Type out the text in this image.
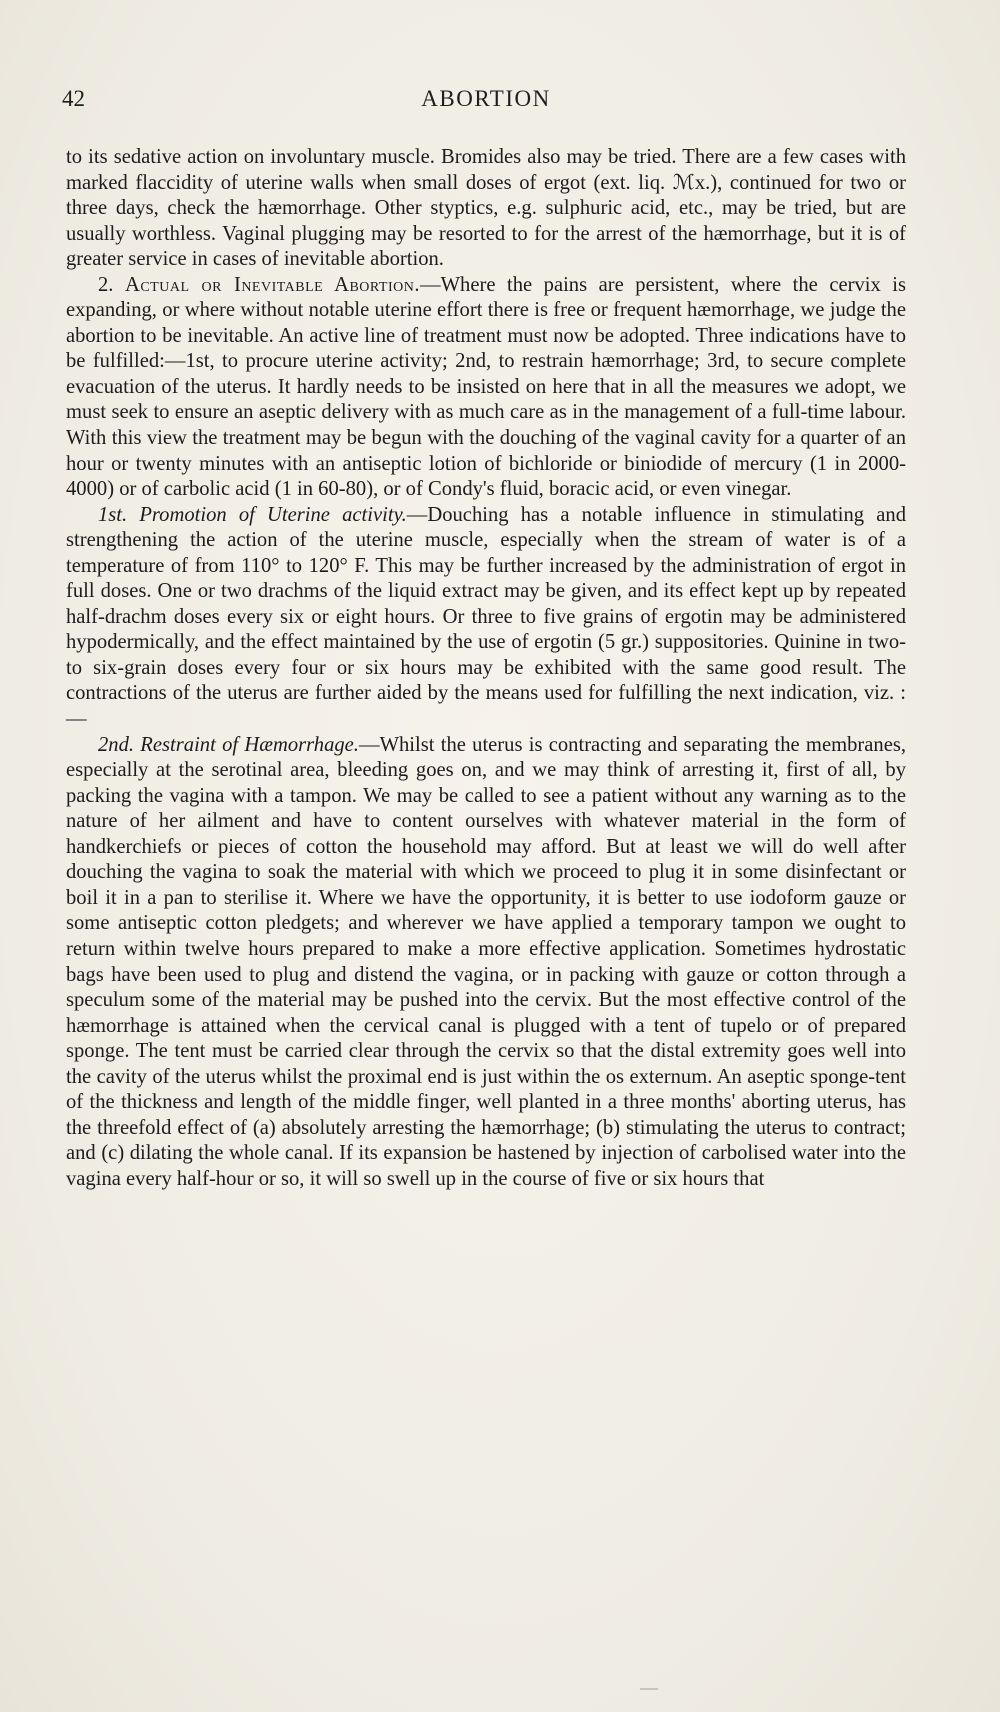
42	ABORTION

to its sedative action on involuntary muscle. Bromides also may be tried. There are a few cases with marked flaccidity of uterine walls when small doses of ergot (ext. liq. ℳx.), continued for two or three days, check the hæmorrhage. Other styptics, e.g. sulphuric acid, etc., may be tried, but are usually worthless. Vaginal plugging may be resorted to for the arrest of the hæmorrhage, but it is of greater service in cases of inevitable abortion.

2. Actual or Inevitable Abortion.—Where the pains are persistent, where the cervix is expanding, or where without notable uterine effort there is free or frequent hæmorrhage, we judge the abortion to be inevitable. An active line of treatment must now be adopted. Three indications have to be fulfilled:—1st, to procure uterine activity; 2nd, to restrain hæmorrhage; 3rd, to secure complete evacuation of the uterus. It hardly needs to be insisted on here that in all the measures we adopt, we must seek to ensure an aseptic delivery with as much care as in the management of a full-time labour. With this view the treatment may be begun with the douching of the vaginal cavity for a quarter of an hour or twenty minutes with an antiseptic lotion of bichloride or biniodide of mercury (1 in 2000-4000) or of carbolic acid (1 in 60-80), or of Condy's fluid, boracic acid, or even vinegar.

1st. Promotion of Uterine activity.—Douching has a notable influence in stimulating and strengthening the action of the uterine muscle, especially when the stream of water is of a temperature of from 110° to 120° F. This may be further increased by the administration of ergot in full doses. One or two drachms of the liquid extract may be given, and its effect kept up by repeated half-drachm doses every six or eight hours. Or three to five grains of ergotin may be administered hypodermically, and the effect maintained by the use of ergotin (5 gr.) suppositories. Quinine in two- to six-grain doses every four or six hours may be exhibited with the same good result. The contractions of the uterus are further aided by the means used for fulfilling the next indication, viz. :—

2nd. Restraint of Hæmorrhage.—Whilst the uterus is contracting and separating the membranes, especially at the serotinal area, bleeding goes on, and we may think of arresting it, first of all, by packing the vagina with a tampon. We may be called to see a patient without any warning as to the nature of her ailment and have to content ourselves with whatever material in the form of handkerchiefs or pieces of cotton the household may afford. But at least we will do well after douching the vagina to soak the material with which we proceed to plug it in some disinfectant or boil it in a pan to sterilise it. Where we have the opportunity, it is better to use iodoform gauze or some antiseptic cotton pledgets; and wherever we have applied a temporary tampon we ought to return within twelve hours prepared to make a more effective application. Sometimes hydrostatic bags have been used to plug and distend the vagina, or in packing with gauze or cotton through a speculum some of the material may be pushed into the cervix. But the most effective control of the hæmorrhage is attained when the cervical canal is plugged with a tent of tupelo or of prepared sponge. The tent must be carried clear through the cervix so that the distal extremity goes well into the cavity of the uterus whilst the proximal end is just within the os externum. An aseptic sponge-tent of the thickness and length of the middle finger, well planted in a three months' aborting uterus, has the threefold effect of (a) absolutely arresting the hæmorrhage; (b) stimulating the uterus to contract; and (c) dilating the whole canal. If its expansion be hastened by injection of carbolised water into the vagina every half-hour or so, it will so swell up in the course of five or six hours that
